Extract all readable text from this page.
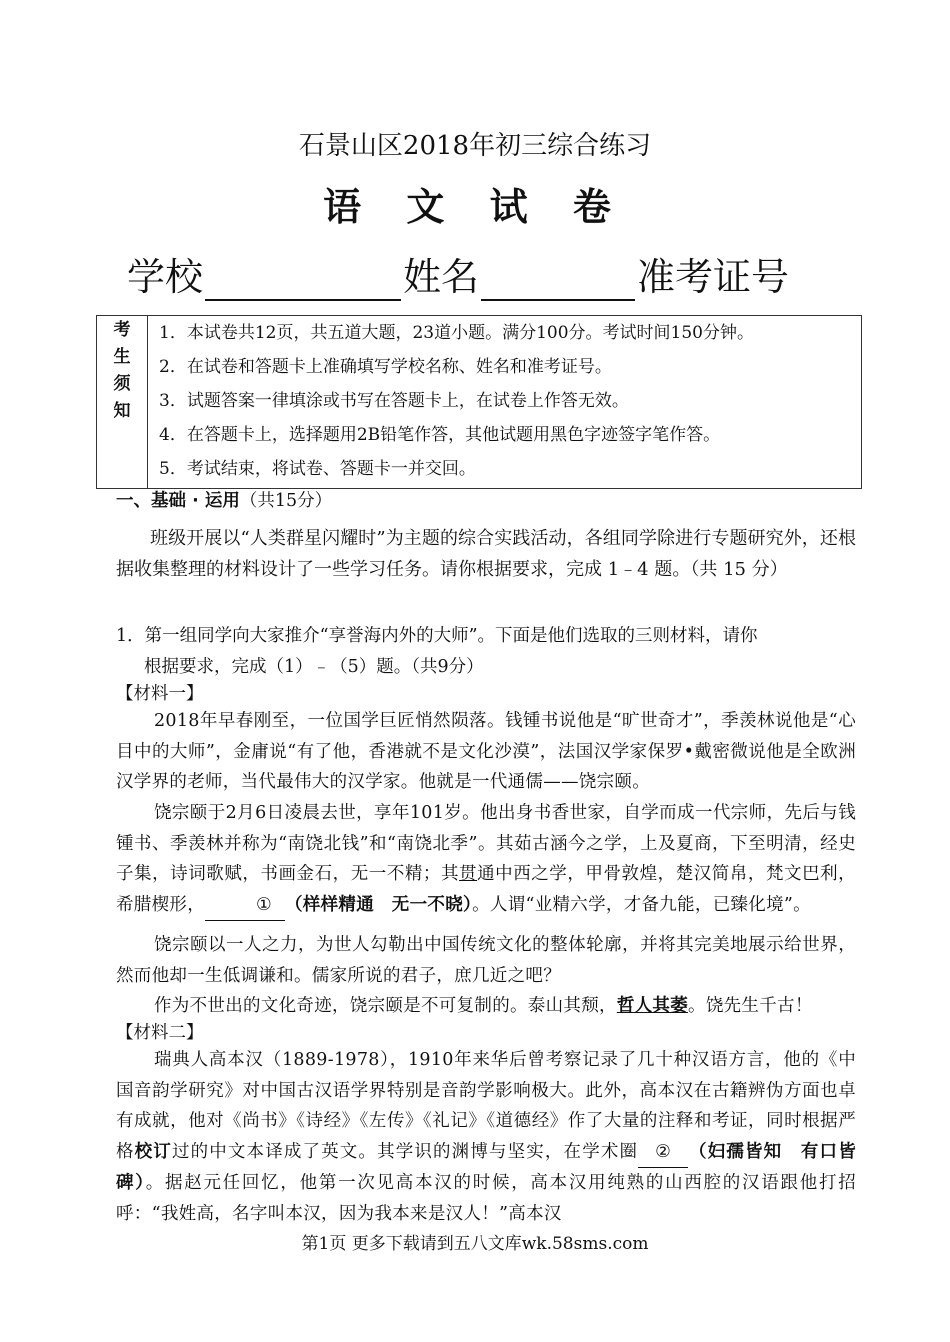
石景山区2018年初三综合练习
语 文 试 卷
学校	姓名	准考证号
考
生
须
知

1．本试卷共12页，共五道大题，23道小题。满分100分。考试时间150分钟。
2．在试卷和答题卡上准确填写学校名称、姓名和准考证号。
3．试题答案一律填涂或书写在答题卡上，在试卷上作答无效。
4．在答题卡上，选择题用2B铅笔作答，其他试题用黑色字迹签字笔作答。
5．考试结束，将试卷、答题卡一并交回。
一、基础 · 运用（共15分）
班级开展以“人类群星闪耀时”为主题的综合实践活动，各组同学除进行专题研究外，还根据收集整理的材料设计了一些学习任务。请你根据要求，完成 1﹣4 题。（共 15 分）
1．第一组同学向大家推介“享誉海内外的大师”。下面是他们选取的三则材料，请你
根据要求，完成（1）﹣（5）题。（共9分）
【材料一】
2018年早春刚至，一位国学巨匠悄然陨落。钱锺书说他是“旷世奇才”，季羡林说他是“心目中的大师”，金庸说“有了他，香港就不是文化沙漠”，法国汉学家保罗•戴密微说他是全欧洲汉学界的老师，当代最伟大的汉学家。他就是一代通儒——饶宗颐。
饶宗颐于2月6日凌晨去世，享年101岁。他出身书香世家，自学而成一代宗师，先后与钱锺书、季羡林并称为“南饶北钱”和“南饶北季”。其茹古涵今之学，上及夏商，下至明清，经史子集，诗词歌赋，书画金石，无一不精；其贯通中西之学，甲骨敦煌，楚汉简帛，梵文巴利，希腊楔形，	① （样样精通　无一不晓）。人谓“业精六学，才备九能，已臻化境”。
饶宗颐以一人之力，为世人勾勒出中国传统文化的整体轮廓，并将其完美地展示给世界，然而他却一生低调谦和。儒家所说的君子，庶几近之吧？
作为不世出的文化奇迹，饶宗颐是不可复制的。泰山其颓，哲人其萎。饶先生千古！
【材料二】
瑞典人高本汉（1889-1978），1910年来华后曾考察记录了几十种汉语方言，他的《中国音韵学研究》对中国古汉语学界特别是音韵学影响极大。此外，高本汉在古籍辨伪方面也卓有成就，他对《尚书》《诗经》《左传》《礼记》《道德经》作了大量的注释和考证，同时根据严格校订过的中文本译成了英文。其学识的渊博与坚实，在学术圈 ② （妇孺皆知　有口皆碑）。据赵元任回忆，他第一次见高本汉的时候，高本汉用纯熟的山西腔的汉语跟他打招呼：“我姓高，名字叫本汉，因为我本来是汉人！”高本汉
第1页 更多下载请到五八文库wk.58sms.com
